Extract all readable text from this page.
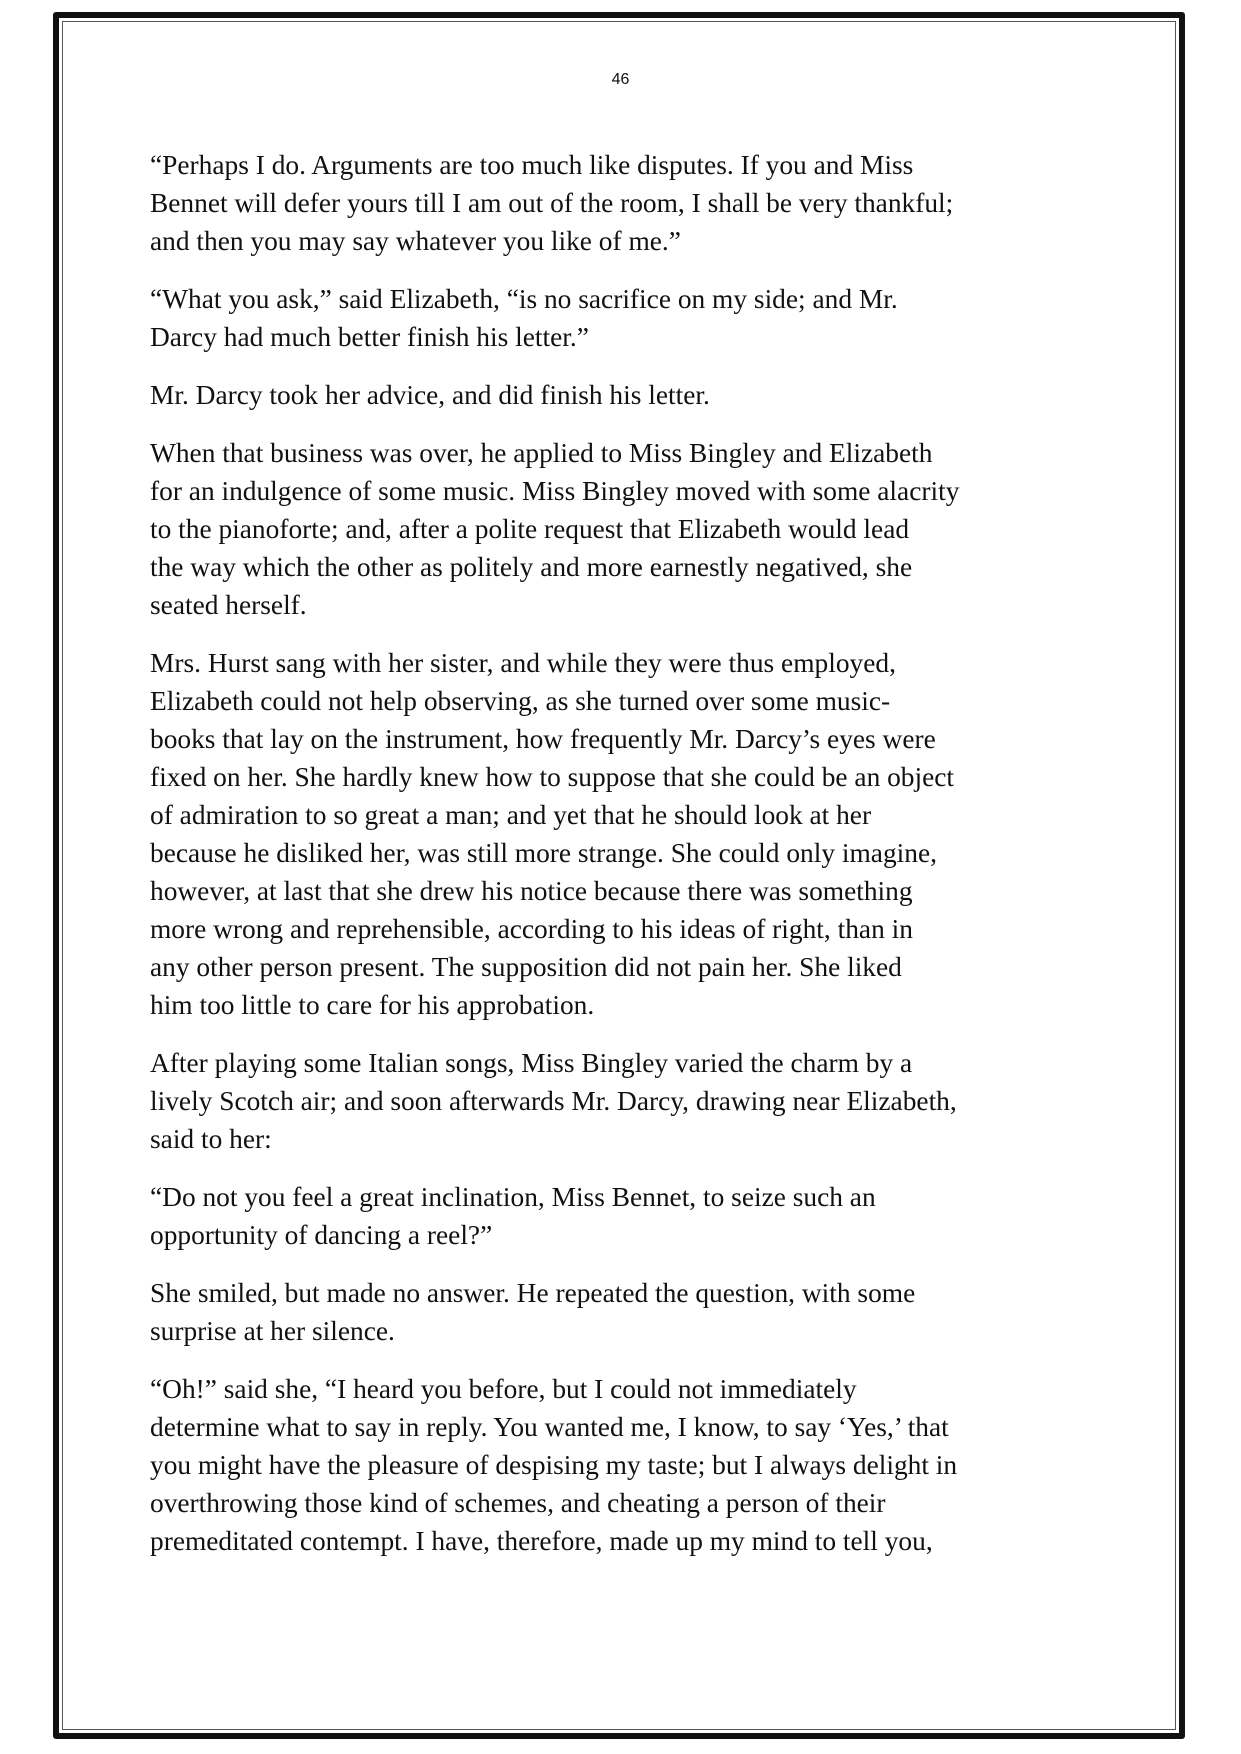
46
“Perhaps I do. Arguments are too much like disputes. If you and Miss
Bennet will defer yours till I am out of the room, I shall be very thankful;
and then you may say whatever you like of me.”
“What you ask,” said Elizabeth, “is no sacrifice on my side; and Mr.
Darcy had much better finish his letter.”
Mr. Darcy took her advice, and did finish his letter.
When that business was over, he applied to Miss Bingley and Elizabeth
for an indulgence of some music. Miss Bingley moved with some alacrity
to the pianoforte; and, after a polite request that Elizabeth would lead
the way which the other as politely and more earnestly negatived, she
seated herself.
Mrs. Hurst sang with her sister, and while they were thus employed,
Elizabeth could not help observing, as she turned over some music-
books that lay on the instrument, how frequently Mr. Darcy’s eyes were
fixed on her. She hardly knew how to suppose that she could be an object
of admiration to so great a man; and yet that he should look at her
because he disliked her, was still more strange. She could only imagine,
however, at last that she drew his notice because there was something
more wrong and reprehensible, according to his ideas of right, than in
any other person present. The supposition did not pain her. She liked
him too little to care for his approbation.
After playing some Italian songs, Miss Bingley varied the charm by a
lively Scotch air; and soon afterwards Mr. Darcy, drawing near Elizabeth,
said to her:
“Do not you feel a great inclination, Miss Bennet, to seize such an
opportunity of dancing a reel?”
She smiled, but made no answer. He repeated the question, with some
surprise at her silence.
“Oh!” said she, “I heard you before, but I could not immediately
determine what to say in reply. You wanted me, I know, to say ‘Yes,’ that
you might have the pleasure of despising my taste; but I always delight in
overthrowing those kind of schemes, and cheating a person of their
premeditated contempt. I have, therefore, made up my mind to tell you,
